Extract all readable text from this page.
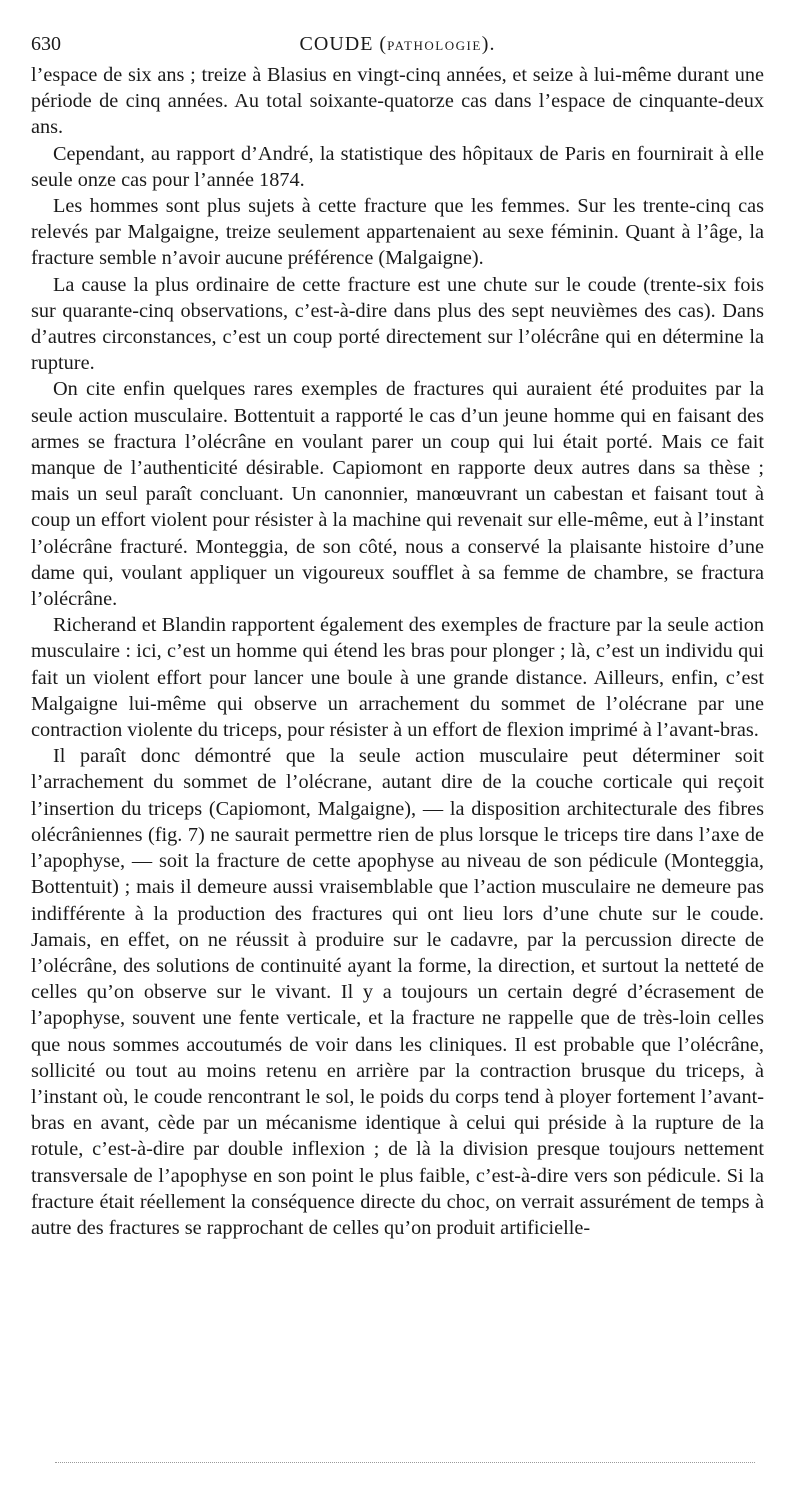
630	COUDE (PATHOLOGIE).

l’espace de six ans ; treize à Blasius en vingt-cinq années, et seize à lui-même durant une période de cinq années. Au total soixante-quatorze cas dans l’espace de cinquante-deux ans.

Cependant, au rapport d’André, la statistique des hôpitaux de Paris en fournirait à elle seule onze cas pour l’année 1874.

Les hommes sont plus sujets à cette fracture que les femmes. Sur les trente-cinq cas relevés par Malgaigne, treize seulement appartenaient au sexe féminin. Quant à l’âge, la fracture semble n’avoir aucune préférence (Malgaigne).

La cause la plus ordinaire de cette fracture est une chute sur le coude (trente-six fois sur quarante-cinq observations, c’est-à-dire dans plus des sept neuvièmes des cas). Dans d’autres circonstances, c’est un coup porté directement sur l’olécrâne qui en détermine la rupture.

On cite enfin quelques rares exemples de fractures qui auraient été produites par la seule action musculaire. Bottentuit a rapporté le cas d’un jeune homme qui en faisant des armes se fractura l’olécrâne en voulant parer un coup qui lui était porté. Mais ce fait manque de l’authenticité désirable. Capiomont en rapporte deux autres dans sa thèse ; mais un seul paraît concluant. Un canonnier, manœuvrant un cabestan et faisant tout à coup un effort violent pour résister à la machine qui revenait sur elle-même, eut à l’instant l’olécrâne fracturé. Monteggia, de son côté, nous a conservé la plaisante histoire d’une dame qui, voulant appliquer un vigoureux soufflet à sa femme de chambre, se fractura l’olécrâne.

Richerand et Blandin rapportent également des exemples de fracture par la seule action musculaire : ici, c’est un homme qui étend les bras pour plonger ; là, c’est un individu qui fait un violent effort pour lancer une boule à une grande distance. Ailleurs, enfin, c’est Malgaigne lui-même qui observe un arrachement du sommet de l’olécrane par une contraction violente du triceps, pour résister à un effort de flexion imprimé à l’avant-bras.

Il paraît donc démontré que la seule action musculaire peut déterminer soit l’arrachement du sommet de l’olécrane, autant dire de la couche corticale qui reçoit l’insertion du triceps (Capiomont, Malgaigne), — la disposition architecturale des fibres olécrâniennes (fig. 7) ne saurait permettre rien de plus lorsque le triceps tire dans l’axe de l’apophyse, — soit la fracture de cette apophyse au niveau de son pédicule (Monteggia, Bottentuit) ; mais il demeure aussi vraisemblable que l’action musculaire ne demeure pas indifférente à la production des fractures qui ont lieu lors d’une chute sur le coude. Jamais, en effet, on ne réussit à produire sur le cadavre, par la percussion directe de l’olécrâne, des solutions de continuité ayant la forme, la direction, et surtout la netteté de celles qu’on observe sur le vivant. Il y a toujours un certain degré d’écrasement de l’apophyse, souvent une fente verticale, et la fracture ne rappelle que de très-loin celles que nous sommes accoutumés de voir dans les cliniques. Il est probable que l’olécrâne, sollicité ou tout au moins retenu en arrière par la contraction brusque du triceps, à l’instant où, le coude rencontrant le sol, le poids du corps tend à ployer fortement l’avant-bras en avant, cède par un mécanisme identique à celui qui préside à la rupture de la rotule, c’est-à-dire par double inflexion ; de là la division presque toujours nettement transversale de l’apophyse en son point le plus faible, c’est-à-dire vers son pédicule. Si la fracture était réellement la conséquence directe du choc, on verrait assurément de temps à autre des fractures se rapprochant de celles qu’on produit artificielle-
